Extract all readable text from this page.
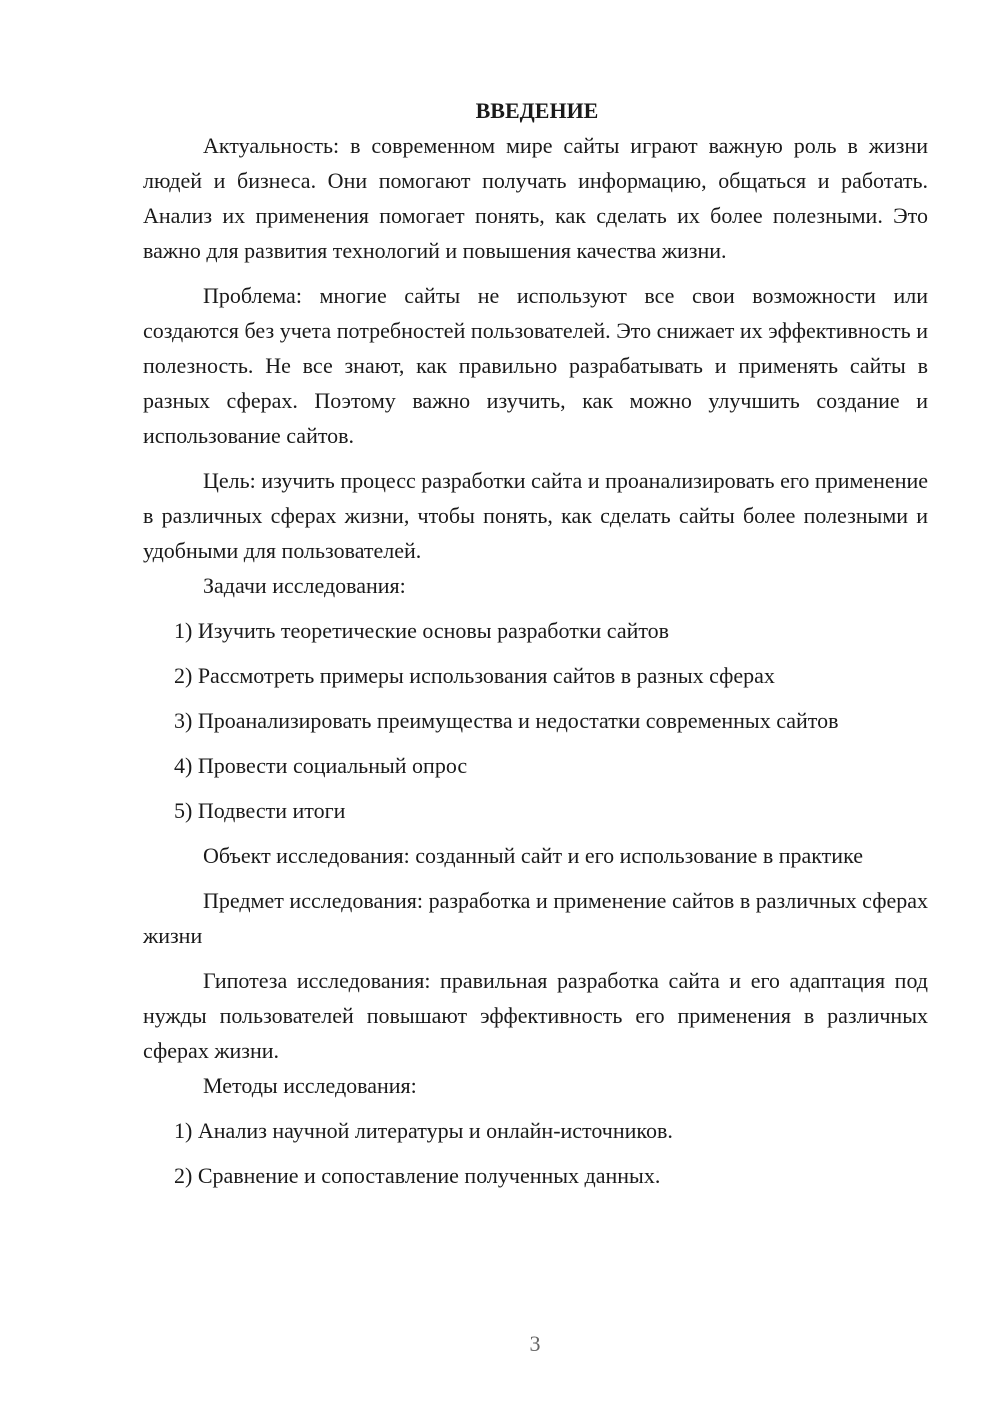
ВВЕДЕНИЕ

Актуальность: в современном мире сайты играют важную роль в жизни людей и бизнеса. Они помогают получать информацию, общаться и работать. Анализ их применения помогает понять, как сделать их более полезными. Это важно для развития технологий и повышения качества жизни.

Проблема: многие сайты не используют все свои возможности или создаются без учета потребностей пользователей. Это снижает их эффективность и полезность. Не все знают, как правильно разрабатывать и применять сайты в разных сферах. Поэтому важно изучить, как можно улучшить создание и использование сайтов.

Цель: изучить процесс разработки сайта и проанализировать его применение в различных сферах жизни, чтобы понять, как сделать сайты более полезными и удобными для пользователей.

Задачи исследования:

1) Изучить теоретические основы разработки сайтов

2) Рассмотреть примеры использования сайтов в разных сферах

3) Проанализировать преимущества и недостатки современных сайтов

4) Провести социальный опрос

5) Подвести итоги

Объект исследования: созданный сайт и его использование в практике

Предмет исследования: разработка и применение сайтов в различных сферах жизни

Гипотеза исследования: правильная разработка сайта и его адаптация под нужды пользователей повышают эффективность его применения в различных сферах жизни.

Методы исследования:

1) Анализ научной литературы и онлайн-источников.

2) Сравнение и сопоставление полученных данных.

3
